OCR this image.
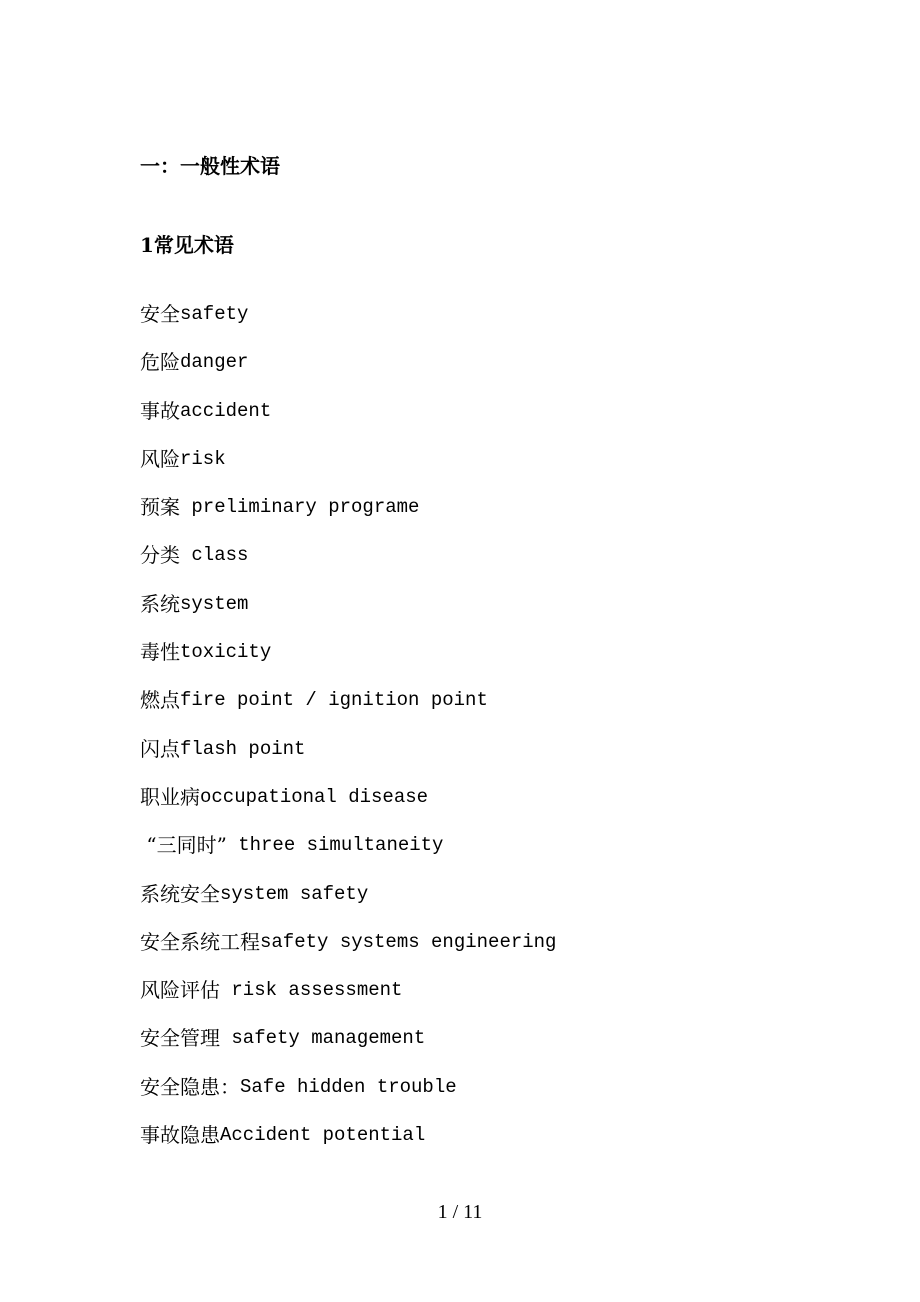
一：一般性术语
1常见术语
安全 safety
危险 danger
事故 accident
风险 risk
预案 preliminary programe
分类 class
系统 system
毒性 toxicity
燃点 fire point / ignition point
闪点 flash point
职业病 occupational disease
“三同时” three simultaneity
系统安全 system safety
安全系统工程 safety systems engineering
风险评估 risk assessment
安全管理 safety management
安全隐患： Safe hidden trouble
事故隐患 Accident potential
1 / 11
